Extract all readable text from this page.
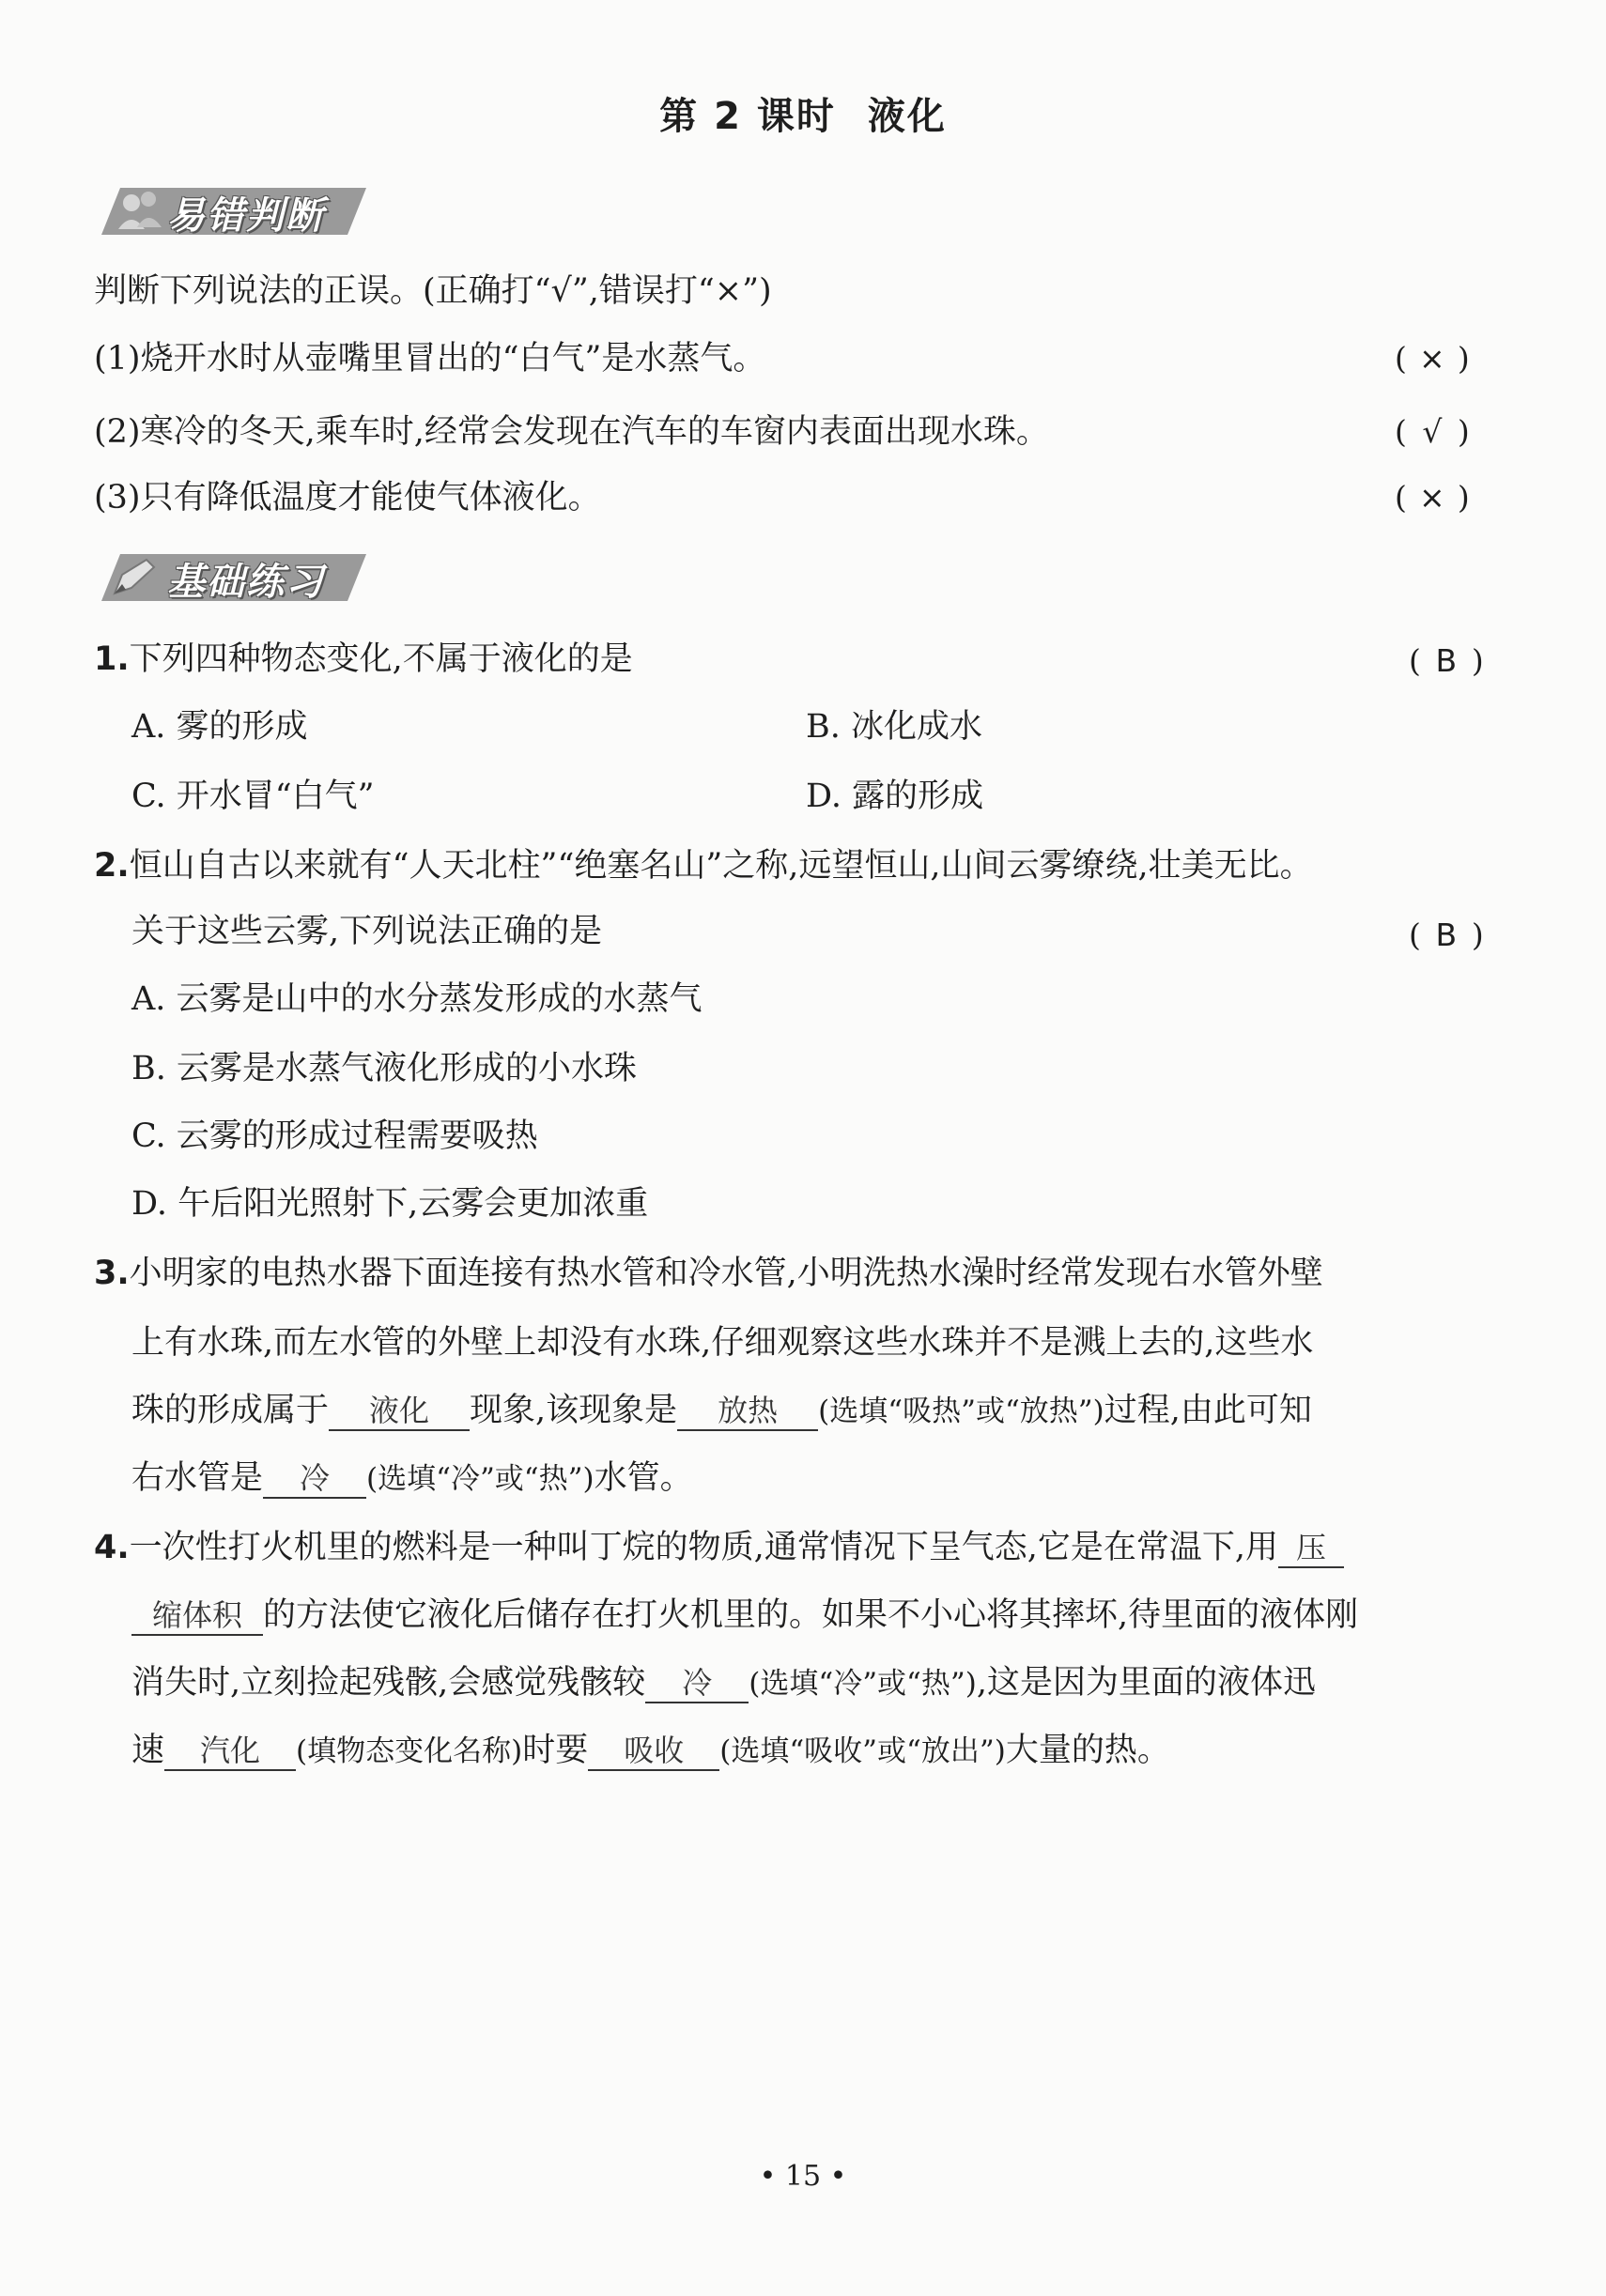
第 2 课时 液化
易错判断
判断下列说法的正误。(正确打“√”,错误打“×”)
(1)烧开水时从壶嘴里冒出的“白气”是水蒸气。	( × )
(2)寒冷的冬天,乘车时,经常会发现在汽车的车窗内表面出现水珠。	( √ )
(3)只有降低温度才能使气体液化。	( × )
基础练习
1.下列四种物态变化,不属于液化的是	( B )
A. 雾的形成	B. 冰化成水
C. 开水冒“白气”	D. 露的形成
2.恒山自古以来就有“人天北柱”“绝塞名山”之称,远望恒山,山间云雾缭绕,壮美无比。
关于这些云雾,下列说法正确的是	( B )
A. 云雾是山中的水分蒸发形成的水蒸气
B. 云雾是水蒸气液化形成的小水珠
C. 云雾的形成过程需要吸热
D. 午后阳光照射下,云雾会更加浓重
3.小明家的电热水器下面连接有热水管和冷水管,小明洗热水澡时经常发现右水管外壁
上有水珠,而左水管的外壁上却没有水珠,仔细观察这些水珠并不是溅上去的,这些水
珠的形成属于 液化 现象,该现象是 放热 (选填“吸热”或“放热”)过程,由此可知
右水管是 冷 (选填“冷”或“热”)水管。
4.一次性打火机里的燃料是一种叫丁烷的物质,通常情况下呈气态,它是在常温下,用 压
缩体积 的方法使它液化后储存在打火机里的。如果不小心将其摔坏,待里面的液体刚
消失时,立刻捡起残骸,会感觉残骸较 冷 (选填“冷”或“热”),这是因为里面的液体迅
速 汽化 (填物态变化名称)时要 吸收 (选填“吸收”或“放出”)大量的热。
• 15 •
